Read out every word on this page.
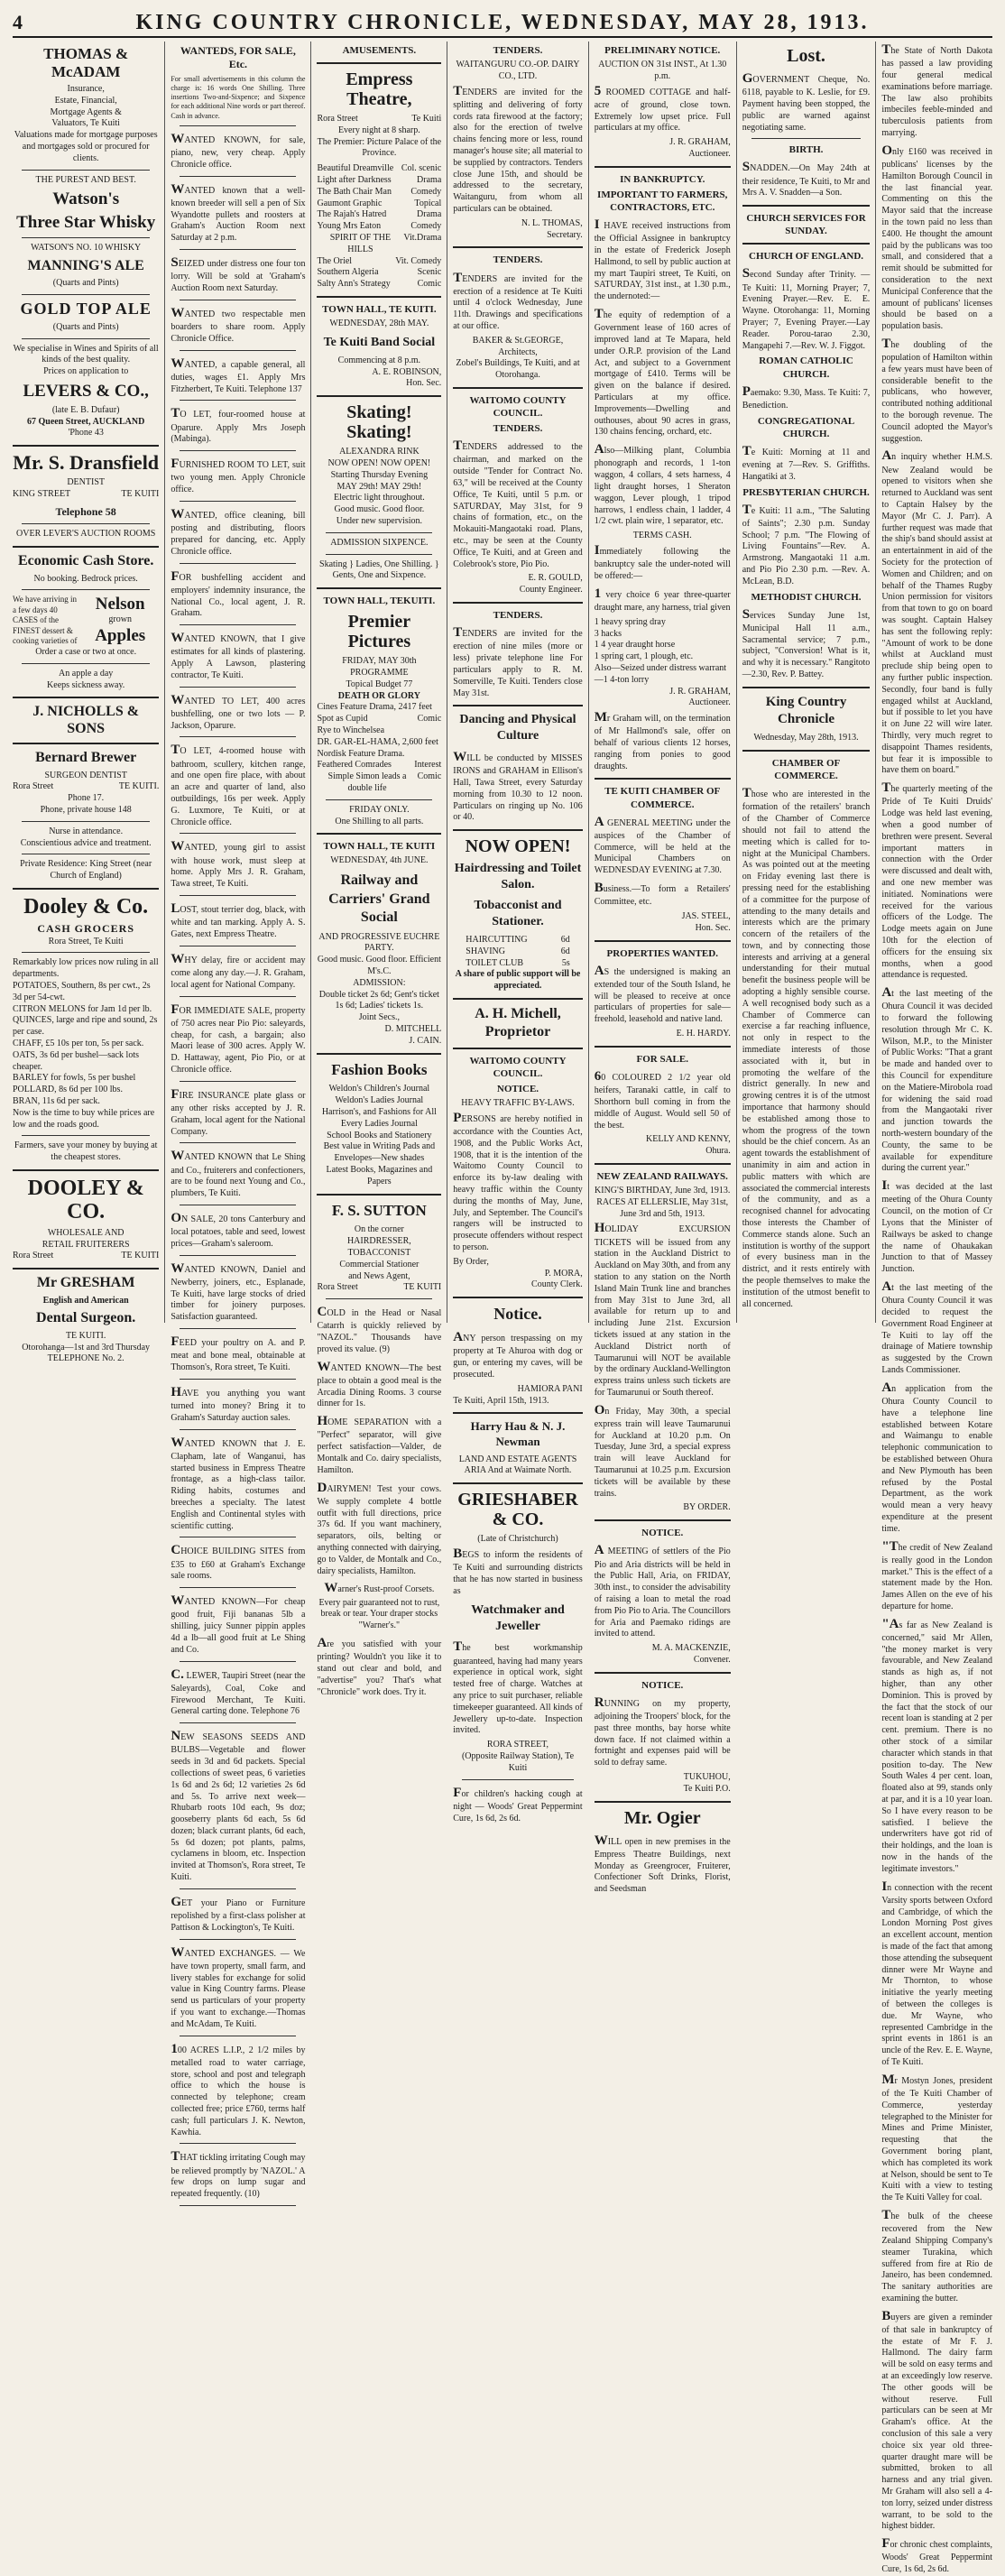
4	KING COUNTRY CHRONICLE, WEDNESDAY, MAY 28, 1913.
THOMAS & McADAM
Insurance,
Estate, Financial,
Mortgage Agents &
Valuators, Te Kuiti
Valuations made for mortgage purposes and mortgages sold or procured for clients.
THE PUREST AND BEST.
Watson's
Three Star Whisky
WATSON'S NO. 10 WHISKY
MANNING'S ALE
(Quarts and Pints)
GOLD TOP ALE
(Quarts and Pints)
We specialise in Wines and Spirits of all kinds of the best quality.
Prices on application to
LEVERS & CO.,
(late E. B. Dufaur)
67 Queen Street, AUCKLAND
'Phone 43
Mr. S. Dransfield
DENTIST
KING STREET	TE KUITI
Telephone 58
OVER LEVER'S AUCTION ROOMS
Economic Cash Store.
No booking. Bedrock prices.
We have arriving in a few days 40 CASES of the FINEST dessert & cooking varieties of
Nelson
grown
Apples
Order a case or two at once.
An apple a day
Keeps sickness away.
J. NICHOLLS & SONS
Bernard Brewer
SURGEON DENTIST
Rora Street	TE KUITI.
Phone 17.
Phone, private house 148
Nurse in attendance.
Conscientious advice and treatment.
Private Residence: King Street (near Church of England)
Dooley & Co.
CASH GROCERS
Rora Street, Te Kuiti
Remarkably low prices now ruling in all departments.
POTATOES, Southern, 8s per cwt., 2s 3d per 54-cwt.
CITRON MELONS for Jam 1d per lb.
QUINCES, large and ripe and sound, 2s per case.
CHAFF, £5 10s per ton, 5s per sack.
OATS, 3s 6d per bushel—sack lots cheaper.
BARLEY for fowls, 5s per bushel
POLLARD, 8s 6d per 100 lbs.
BRAN, 11s 6d per sack.
Now is the time to buy while prices are low and the roads good.
Farmers, save your money by buying at the cheapest stores.
DOOLEY & CO.
WHOLESALE AND
RETAIL FRUITERERS
Rora Street	TE KUITI
Mr GRESHAM
English and American
Dental Surgeon.
TE KUITI.
Otorohanga—1st and 3rd Thursday
TELEPHONE No. 2.
WANTEDS, FOR SALE, Etc.
For small advertisements in this column the charge is: 16 words One Shilling. Three insertions Two-and-Sixpence; and Sixpence for each additional Nine words or part thereof. Cash in advance.
WANTED KNOWN, for sale, piano, new, very cheap. Apply Chronicle office.
WANTED known that a well-known breeder will sell a pen of Six Wyandotte pullets and roosters at Graham's Auction Room next Saturday at 2 p.m.
SEIZED under distress one four ton lorry. Will be sold at 'Graham's Auction Room next Saturday.
WANTED two respectable men boarders to share room. Apply Chronicle Office.
WANTED, a capable general, all duties, wages £1. Apply Mrs Fitzherbert, Te Kuiti. Telephone 137
TO LET, four-roomed house at Oparure. Apply Mrs Joseph (Mabinga).
FURNISHED ROOM TO LET, suit two young men. Apply Chronicle office.
WANTED, office cleaning, bill posting and distributing, floors prepared for dancing, etc. Apply Chronicle office.
FOR bushfelling accident and employers' indemnity insurance, the National Co., local agent, J. R. Graham.
WANTED KNOWN, that I give estimates for all kinds of plastering. Apply A Lawson, plastering contractor, Te Kuiti.
WANTED TO LET, 400 acres bushfelling, one or two lots — P. Jackson, Oparure.
TO LET, 4-roomed house with bathroom, scullery, kitchen range, and one open fire place, with about an acre and quarter of land, also outbuildings, 16s per week. Apply G. Luxmore, Te Kuiti, or at Chronicle office.
WANTED, young girl to assist with house work, must sleep at home. Apply Mrs J. R. Graham, Tawa street, Te Kuiti.
LOST, stout terrier dog, black, with white and tan marking. Apply A. S. Gates, next Empress Theatre.
WHY delay, fire or accident may come along any day.—J. R. Graham, local agent for National Company.
FOR IMMEDIATE SALE, property of 750 acres near Pio Pio: saleyards, cheap, for cash, a bargain; also Maori lease of 300 acres. Apply W. D. Hattaway, agent, Pio Pio, or at Chronicle office.
FIRE INSURANCE plate glass or any other risks accepted by J. R. Graham, local agent for the National Company.
WANTED KNOWN that Le Shing and Co., fruiterers and confectioners, are to be found next Young and Co., plumbers, Te Kuiti.
ON SALE, 20 tons Canterbury and local potatoes, table and seed, lowest prices—Graham's saleroom.
WANTED KNOWN, Daniel and Newberry, joiners, etc., Esplanade, Te Kuiti, have large stocks of dried timber for joinery purposes. Satisfaction guaranteed.
FEED your poultry on A. and P. meat and bone meal, obtainable at Thomson's, Rora street, Te Kuiti.
HAVE you anything you want turned into money? Bring it to Graham's Saturday auction sales.
WANTED KNOWN that J. E. Clapham, late of Wanganui, has started business in Empress Theatre frontage, as a high-class tailor. Riding habits, costumes and breeches a specialty. The latest English and Continental styles with scientific cutting.
CHOICE BUILDING SITES from £35 to £60 at Graham's Exchange sale rooms.
WANTED KNOWN—For cheap good fruit, Fiji bananas 5lb a shilling, juicy Sunner pippin apples 4d a lb—all good fruit at Le Shing and Co.
C. LEWER, Taupiri Street (near the Saleyards), Coal, Coke and Firewood Merchant, Te Kuiti. General carting done. Telephone 76
NEW SEASONS SEEDS AND BULBS—Vegetable and flower seeds in 3d and 6d packets. Special collections of sweet peas, 6 varieties 1s 6d and 2s 6d; 12 varieties 2s 6d and 5s. To arrive next week—Rhubarb roots 10d each, 9s doz; gooseberry plants 6d each, 5s 6d dozen; black currant plants, 6d each, 5s 6d dozen; pot plants, palms, cyclamens in bloom, etc. Inspection invited at Thomson's, Rora street, Te Kuiti.
GET your Piano or Furniture repolished by a first-class polisher at Pattison & Lockington's, Te Kuiti.
WANTED EXCHANGES. — We have town property, small farm, and livery stables for exchange for solid value in King Country farms. Please send us particulars of your property if you want to exchange.—Thomas and McAdam, Te Kuiti.
100 ACRES L.I.P., 2 1/2 miles by metalled road to water carriage, store, school and post and telegraph office to which the house is connected by telephone; cream collected free; price £760, terms half cash; full particulars J. K. Newton, Kawhia.
THAT tickling irritating Cough may be relieved promptly by 'NAZOL.' A few drops on lump sugar and repeated frequently. (10)
AMUSEMENTS.
Empress Theatre,
Rora Street	Te Kuiti
Every night at 8 sharp.
The Premier: Picture Palace of the Province.
Beautiful Dreamville Col. scenic
Light after Darkness	Drama
The Bath Chair Man Comedy
Gaumont Graphic	Topical
The Rajah's Hatred	Drama
Young Mrs Eaton	Comedy
SPIRIT OF THE HILLS
Vit.Drama
The Oriel	Vit. Comedy
Southern Algeria	Scenic
Salty Ann's Strategy	Comic
TOWN HALL, TE KUITI.
WEDNESDAY, 28th MAY.
Te Kuiti Band Social
Commencing at 8 p.m.
A. E. ROBINSON,
Hon. Sec.
Skating! Skating!
ALEXANDRA RINK
NOW OPEN! NOW OPEN!
Starting Thursday Evening
MAY 29th! MAY 29th!
Electric light throughout.
Good music. Good floor.
Under new supervision.
ADMISSION SIXPENCE.
Skating } Ladies, One Shilling. } Gents, One and Sixpence.
TOWN HALL, TEKUITI.
Premier Pictures
FRIDAY, MAY 30th
PROGRAMME
Topical Budget 77
DEATH OR GLORY
Cines Feature Drama, 2417 feet
Spot as Cupid	Comic
Rye to Winchelsea
DR. GAR-EL-HAMA, 2,600 feet
Nordisk Feature Drama.
Feathered Comrades	Interest
Simple Simon leads a double life
Comic
FRIDAY ONLY.
One Shilling to all parts.
TOWN HALL, TE KUITI
WEDNESDAY, 4th JUNE.
Railway and Carriers' Grand Social
AND PROGRESSIVE EUCHRE PARTY.
Good music. Good floor. Efficient M's.C.
ADMISSION:
Double ticket 2s 6d; Gent's ticket 1s 6d; Ladies' tickets 1s.
Joint Secs.,
D. MITCHELL
J. CAIN.
Fashion Books
Weldon's Children's Journal
Weldon's Ladies Journal
Harrison's, and Fashions for All
Every Ladies Journal
School Books and Stationery
Best value in Writing Pads and Envelopes—New shades
Latest Books, Magazines and Papers
F. S. SUTTON
On the corner
HAIRDRESSER, TOBACCONIST
Commercial Stationer
and News Agent,
Rora Street	TE KUITI
COLD in the Head or Nasal Catarrh is quickly relieved by "NAZOL." Thousands have proved its value. (9)
WANTED KNOWN—The best place to obtain a good meal is the Arcadia Dining Rooms. 3 course dinner for 1s.
HOME SEPARATION with a "Perfect" separator, will give perfect satisfaction—Valder, de Montalk and Co. dairy specialists, Hamilton.
DAIRYMEN! Test your cows. We supply complete 4 bottle outfit with full directions, price 37s 6d. If you want machinery, separators, oils, belting or anything connected with dairying, go to Valder, de Montalk and Co., dairy specialists, Hamilton.
Warner's Rust-proof Corsets. Every pair guaranteed not to rust, break or tear. Your draper stocks "Warner's."
Are you satisfied with your printing? Wouldn't you like it to stand out clear and bold, and "advertise" you? That's what "Chronicle" work does. Try it.
TENDERS.
WAITANGURU CO.-OP. DAIRY CO., LTD.
TENDERS are invited for the splitting and delivering of forty cords rata firewood at the factory; also for the erection of twelve chains fencing more or less, round manager's house site; all material to be supplied by contractors. Tenders close June 15th, and should be addressed to the secretary, Waitanguru, from whom all particulars can be obtained.
N. L. THOMAS,
Secretary.
TENDERS.
TENDERS are invited for the erection of a residence at Te Kuiti until 4 o'clock Wednesday, June 11th. Drawings and specifications at our office.
BAKER & St.GEORGE,
Architects,
Zobel's Buildings, Te Kuiti, and at Otorohanga.
WAITOMO COUNTY COUNCIL.
TENDERS.
TENDERS addressed to the chairman, and marked on the outside "Tender for Contract No. 63," will be received at the County Office, Te Kuiti, until 5 p.m. or SATURDAY, May 31st, for 9 chains of formation, etc., on the Mokauiti-Mangaotaki road. Plans, etc., may be seen at the County Office, Te Kuiti, and at Green and Colebrook's store, Pio Pio.
E. R. GOULD,
County Engineer.
TENDERS.
TENDERS are invited for the erection of nine miles (more or less) private telephone line For particulars apply to R. M. Somerville, Te Kuiti. Tenders close May 31st.
Dancing and Physical Culture
WILL be conducted by MISSES IRONS and GRAHAM in Ellison's Hall, Tawa Street, every Saturday morning from 10.30 to 12 noon. Particulars on ringing up No. 106 or 40.
NOW OPEN!
Hairdressing and Toilet Salon.
Tobacconist and Stationer.
HAIRCUTTING	6d
SHAVING	6d
TOILET CLUB	5s
A share of public support will be appreciated.
A. H. Michell, Proprietor
WAITOMO COUNTY COUNCIL.
NOTICE.
HEAVY TRAFFIC BY-LAWS.
PERSONS are hereby notified in accordance with the Counties Act, 1908, and the Public Works Act, 1908, that it is the intention of the Waitomo County Council to enforce its by-law dealing with heavy traffic within the County during the months of May, June, July, and September. The Council's rangers will be instructed to prosecute offenders without respect to person.
By Order,
P. MORA,
County Clerk.
Notice.
ANY person trespassing on my property at Te Ahuroa with dog or gun, or entering my caves, will be prosecuted.
HAMIORA PANI
Te Kuiti, April 15th, 1913.
Harry Hau & N. J. Newman
LAND AND ESTATE AGENTS
ARIA And at Waimate North.
GRIESHABER & CO.
(Late of Christchurch)
BEGS to inform the residents of Te Kuiti and surrounding districts that he has now started in business as
Watchmaker and Jeweller
The best workmanship guaranteed, having had many years experience in optical work, sight tested free of charge. Watches at any price to suit purchaser, reliable timekeeper guaranteed. All kinds of Jewellery up-to-date. Inspection invited.
RORA STREET,
(Opposite Railway Station), Te Kuiti
For children's hacking cough at night — Woods' Great Peppermint Cure, 1s 6d, 2s 6d.
PRELIMINARY NOTICE.
AUCTION ON 31st INST., At 1.30 p.m.
5 ROOMED COTTAGE and half-acre of ground, close town. Extremely low upset price. Full particulars at my office.
J. R. GRAHAM,
Auctioneer.
IN BANKRUPTCY.
IMPORTANT TO FARMERS, CONTRACTORS, ETC.
I HAVE received instructions from the Official Assignee in bankruptcy in the estate of Frederick Joseph Hallmond, to sell by public auction at my mart Taupiri street, Te Kuiti, on SATURDAY, 31st inst., at 1.30 p.m., the undernoted:—
The equity of redemption of a Government lease of 160 acres of improved land at Te Mapara, held under O.R.P. provision of the Land Act, and subject to a Government mortgage of £410. Terms will be given on the balance if desired. Particulars at my office. Improvements—Dwelling and outhouses, about 90 acres in grass, 130 chains fencing, orchard, etc.
Also—Milking plant, Columbia phonograph and records, 1 1-ton waggon, 4 collars, 4 sets harness, 4 light draught horses, 1 Sheraton waggon, Lever plough, 1 tripod harrows, 1 endless chain, 1 ladder, 4 1/2 cwt. plain wire, 1 separator, etc.
TERMS CASH.
Immediately following the bankruptcy sale the under-noted will be offered:—
1 very choice 6 year three-quarter draught mare, any harness, trial given
1 heavy spring dray
3 hacks
1 4 year draught horse
1 spring cart, 1 plough, etc.
Also—Seized under distress warrant —1 4-ton lorry
J. R. GRAHAM,
Auctioneer.
Mr Graham will, on the termination of Mr Hallmond's sale, offer on behalf of various clients 12 horses, ranging from ponies to good draughts.
TE KUITI CHAMBER OF COMMERCE.
A GENERAL MEETING under the auspices of the Chamber of Commerce, will be held at the Municipal Chambers on WEDNESDAY EVENING at 7.30.
Business.—To form a Retailers' Committee, etc.
JAS. STEEL,
Hon. Sec.
PROPERTIES WANTED.
AS the undersigned is making an extended tour of the South Island, he will be pleased to receive at once particulars of properties for sale—freehold, leasehold and native land.
E. H. HARDY.
FOR SALE.
60 COLOURED 2 1/2 year old heifers, Taranaki cattle, in calf to Shorthorn bull coming in from the middle of August. Would sell 50 of the best.
KELLY AND KENNY,
Ohura.
NEW ZEALAND RAILWAYS.
KING'S BIRTHDAY, June 3rd, 1913.
RACES AT ELLERSLIE, May 31st, June 3rd and 5th, 1913.
HOLIDAY EXCURSION TICKETS will be issued from any station in the Auckland District to Auckland on May 30th, and from any station to any station on the North Island Main Trunk line and branches from May 31st to June 3rd, all available for return up to and including June 21st. Excursion tickets issued at any station in the Auckland District north of Taumarunui will NOT be available by the ordinary Auckland-Wellington express trains unless such tickets are for Taumarunui or South thereof.
On Friday, May 30th, a special express train will leave Taumarunui for Auckland at 10.20 p.m. On Tuesday, June 3rd, a special express train will leave Auckland for Taumarunui at 10.25 p.m. Excursion tickets will be available by these trains.
BY ORDER.
NOTICE.
A MEETING of settlers of the Pio Pio and Aria districts will be held in the Public Hall, Aria, on FRIDAY, 30th inst., to consider the advisability of raising a loan to metal the road from Pio Pio to Aria. The Councillors for Aria and Paemako ridings are invited to attend.
M. A. MACKENZIE,
Convener.
NOTICE.
RUNNING on my property, adjoining the Troopers' block, for the past three months, bay horse white down face. If not claimed within a fortnight and expenses paid will be sold to defray same.
TUKUHOU,
Te Kuiti P.O.
Mr. Ogier
WILL open in new premises in the Empress Theatre Buildings, next Monday as Greengrocer, Fruiterer, Confectioner Soft Drinks, Florist, and Seedsman
Lost.
GOVERNMENT Cheque, No. 6118, payable to K. Leslie, for £9. Payment having been stopped, the public are warned against negotiating same.
BIRTH.
SNADDEN.—On May 24th at their residence, Te Kuiti, to Mr and Mrs A. V. Snadden—a Son.
CHURCH SERVICES FOR SUNDAY.
CHURCH OF ENGLAND.
Second Sunday after Trinity. — Te Kuiti: 11, Morning Prayer; 7, Evening Prayer.—Rev. E. E. Wayne. Otorohanga: 11, Morning Prayer; 7, Evening Prayer.—Lay Reader. Porou-tarao 2.30, Mangapehi 7.—Rev. W. J. Figgot.
ROMAN CATHOLIC CHURCH.
Paemako: 9.30, Mass. Te Kuiti: 7, Benediction.
CONGREGATIONAL CHURCH.
Te Kuiti: Morning at 11 and evening at 7—Rev. S. Griffiths. Hangatiki at 3.
PRESBYTERIAN CHURCH.
Te Kuiti: 11 a.m., "The Saluting of Saints"; 2.30 p.m. Sunday School; 7 p.m. "The Flowing of Living Fountains"—Rev. A. Armstrong. Mangaotaki 11 a.m. and Pio Pio 2.30 p.m. —Rev. A. McLean, B.D.
METHODIST CHURCH.
Services Sunday June 1st, Municipal Hall 11 a.m., Sacramental service; 7 p.m., subject, "Conversion! What is it, and why it is necessary." Rangitoto—2.30, Rev. P. Battey.
King Country Chronicle
Wednesday, May 28th, 1913.
CHAMBER OF COMMERCE.
Those who are interested in the formation of the retailers' branch of the Chamber of Commerce should not fail to attend the meeting which is called for to-night at the Municipal Chambers. As was pointed out at the meeting on Friday evening last there is pressing need for the establishing of a committee for the purpose of attending to the many details and interests which are the primary concern of the retailers of the town, and by connecting those interests and arriving at a general understanding for their mutual benefit the business people will be adopting a highly sensible course. A well recognised body such as a Chamber of Commerce can exercise a far reaching influence, not only in respect to the immediate interests of those associated with it, but in promoting the welfare of the district generally. In new and growing centres it is of the utmost importance that harmony should be established among those to whom the progress of the town should be the chief concern. As an agent towards the establishment of unanimity in aim and action in public matters with which are associated the commercial interests of the community, and as a recognised channel for advocating those interests the Chamber of Commerce stands alone. Such an institution is worthy of the support of every business man in the district, and it rests entirely with the people themselves to make the institution of the utmost benefit to all concerned.
The State of North Dakota has passed a law providing four general medical examinations before marriage. The law also prohibits imbeciles feeble-minded and tuberculosis patients from marrying.
Only £160 was received in publicans' licenses by the Hamilton Borough Council in the last financial year. Commenting on this the Mayor said that the increase in the town paid no less than £400. He thought the amount paid by the publicans was too small, and considered that a remit should be submitted for consideration to the next Municipal Conference that the amount of publicans' licenses should be based on a population basis.
The doubling of the population of Hamilton within a few years must have been of considerable benefit to the publicans, who however, contributed nothing additional to the borough revenue. The Council adopted the Mayor's suggestion.
An inquiry whether H.M.S. New Zealand would be opened to visitors when she returned to Auckland was sent to Captain Halsey by the Mayor (Mr C. J. Parr). A further request was made that the ship's band should assist at an entertainment in aid of the Society for the protection of Women and Children; and on behalf of the Thames Rugby Union permission for visitors from that town to go on board was sought. Captain Halsey has sent the following reply: "Amount of work to be done whilst at Auckland must preclude ship being open to any further public inspection. Secondly, four band is fully engaged whilst at Auckland, but if possible to let you have it on June 22 will wire later. Thirdly, very much regret to disappoint Thames residents, but fear it is impossible to have them on board."
The quarterly meeting of the Pride of Te Kuiti Druids' Lodge was held last evening, when a good number of brethren were present. Several important matters in connection with the Order were discussed and dealt with, and one new member was initiated. Nominations were received for the various officers of the Lodge. The Lodge meets again on June 10th for the election of officers for the ensuing six months, when a good attendance is requested.
At the last meeting of the Ohura Council it was decided to forward the following resolution through Mr C. K. Wilson, M.P., to the Minister of Public Works: "That a grant be made and handed over to this Council for expenditure on the Matiere-Mirobola road for widening the said road from the Mangaotaki river and junction towards the north-western boundary of the County, the same to be available for expenditure during the current year."
It was decided at the last meeting of the Ohura County Council, on the motion of Cr Lyons that the Minister of Railways be asked to change the name of Ohaukakan Junction to that of Massey Junction.
At the last meeting of the Ohura County Council it was decided to request the Government Road Engineer at Te Kuiti to lay off the drainage of Matiere township as suggested by the Crown Lands Commissioner.
An application from the Ohura County Council to have a telephone line established between Kotare and Waimangu to enable telephonic communication to be established between Ohura and New Plymouth has been refused by the Postal Department, as the work would mean a very heavy expenditure at the present time.
"The credit of New Zealand is really good in the London market." This is the effect of a statement made by the Hon. James Allen on the eve of his departure for home.
"As far as New Zealand is concerned," said Mr Allen, "the money market is very favourable, and New Zealand stands as high as, if not higher, than any other Dominion. This is proved by the fact that the stock of our recent loan is standing at 2 per cent. premium. There is no other stock of a similar character which stands in that position to-day. The New South Wales 4 per cent. loan, floated also at 99, stands only at par, and it is a 10 year loan. So I have every reason to be satisfied. I believe the underwriters have got rid of their holdings, and the loan is now in the hands of the legitimate investors."
In connection with the recent Varsity sports between Oxford and Cambridge, of which the London Morning Post gives an excellent account, mention is made of the fact that among those attending the subsequent dinner were Mr Wayne and Mr Thornton, to whose initiative the yearly meeting of between the colleges is due. Mr Wayne, who represented Cambridge in the sprint events in 1861 is an uncle of the Rev. E. E. Wayne, of Te Kuiti.
Mr Mostyn Jones, president of the Te Kuiti Chamber of Commerce, yesterday telegraphed to the Minister for Mines and Prime Minister, requesting that the Government boring plant, which has completed its work at Nelson, should be sent to Te Kuiti with a view to testing the Te Kuiti Valley for coal.
The bulk of the cheese recovered from the New Zealand Shipping Company's steamer Turakina, which suffered from fire at Rio de Janeiro, has been condemned. The sanitary authorities are examining the butter.
Buyers are given a reminder of that sale in bankruptcy of the estate of Mr F. J. Hallmond. The dairy farm will be sold on easy terms and at an exceedingly low reserve. The other goods will be without reserve. Full particulars can be seen at Mr Graham's office. At the conclusion of this sale a very choice six year old three-quarter draught mare will be submitted, broken to all harness and any trial given. Mr Graham will also sell a 4-ton lorry, seized under distress warrant, to be sold to the highest bidder.
For chronic chest complaints, Woods' Great Peppermint Cure, 1s 6d, 2s 6d.
